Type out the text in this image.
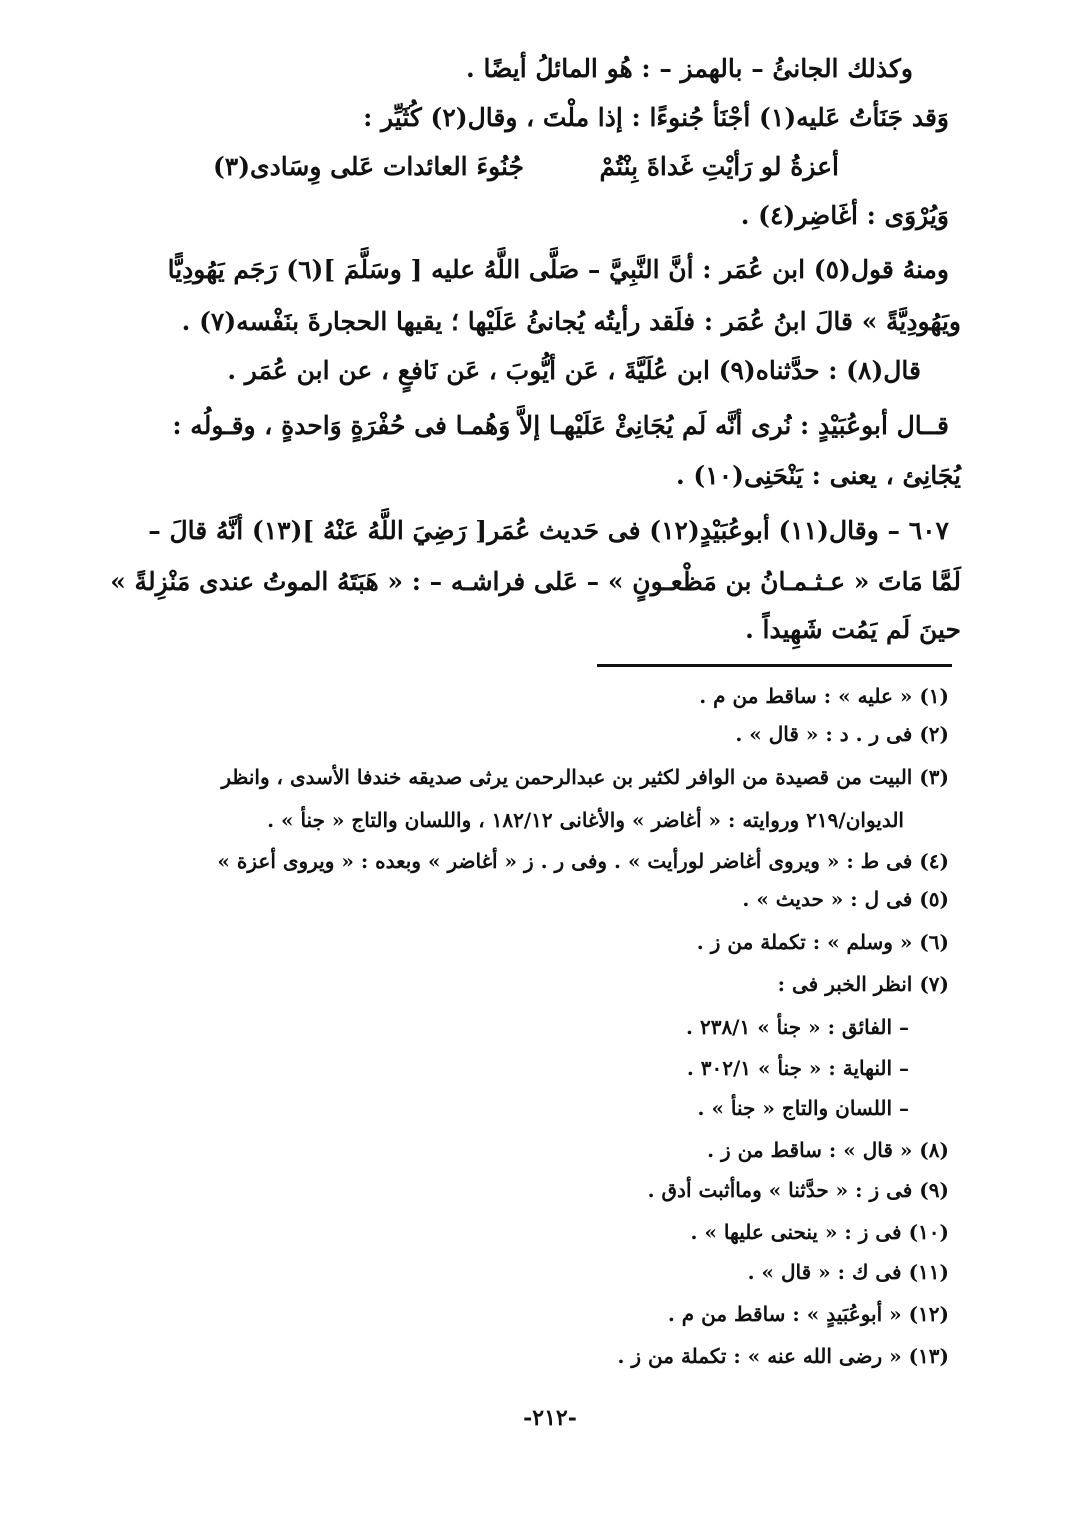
وكذلك الجانئُ – بالهمز – : هُو المائلُ أيضًا .
وَقد جَنَأتُ عَليه(١) أجْنَأ جُنوءًا : إذا ملْتَ ، وقال(٢) كُثَيِّر :
أعزةُ لو رَأيْتِ غَداةَ بِنْتُمْ
جُنُوءَ العائدات عَلى وِسَادى(٣)
وَيُرْوَى : أغَاضِر(٤) .
ومنهُ قول(٥) ابن عُمَر : أنَّ النَّبِيَّ – صَلَّى اللَّهُ عليه [ وسَلَّمَ ](٦) رَجَم يَهُودِيًّا
ويَهُودِيَّةً » قالَ ابنُ عُمَر : فلَقد رأيتُه يُجانئُ عَلَيْها ؛ يقيها الحجارةَ بنَفْسه(٧) .
قال(٨) : حدَّثناه(٩) ابن عُلَيَّةَ ، عَن أيُّوبَ ، عَن نَافعٍ ، عن ابن عُمَر .
قــال أبوعُبَيْدٍ : نُرى أنَّه لَم يُجَانِئْ عَلَيْهـا إلاَّ وَهُمـا فى حُفْرَةٍ وَاحدةٍ ، وقـولُه :
يُجَانِئ ، يعنى : يَنْحَنِى(١٠) .
٦٠٧ – وقال(١١) أبوعُبَيْدٍ(١٢) فى حَديث عُمَر[ رَضِيَ اللَّهُ عَنْهُ ](١٣) أنَّهُ قالَ –
لَمَّا مَاتَ « عـثـمـانُ بن مَظْعـونٍ » – عَلى فراشـه – : « هَبَتَهُ الموتُ عندى مَنْزِلةً »
حينَ لَم يَمُت شَهِيداً .
(١) « عليه » : ساقط من م .
(٢) فى ر . د : « قال » .
(٣) البيت من قصيدة من الوافر لكثير بن عبدالرحمن يرثى صديقه خندفا الأسدى ، وانظر
الديوان/٢١٩ وروايته : « أغاضر » والأغانى ١٨٢/١٢ ، واللسان والتاج « جنأ » .
(٤) فى ط : « ويروى أغاضر لورأيت » . وفى ر . ز « أغاضر » وبعده : « ويروى أعزة »
(٥) فى ل : « حديث » .
(٦) « وسلم » : تكملة من ز .
(٧) انظر الخبر فى :
– الفائق : « جنأ » ٢٣٨/١ .
– النهاية : « جنأ » ٣٠٢/١ .
– اللسان والتاج « جنأ » .
(٨) « قال » : ساقط من ز .
(٩) فى ز : « حدَّثنا » وماأثبت أدق .
(١٠) فى ز : « ينحنى عليها » .
(١١) فى ك : « قال » .
(١٢) « أبوعُبَيدٍ » : ساقط من م .
(١٣) « رضى الله عنه » : تكملة من ز .
-٢١٢-
